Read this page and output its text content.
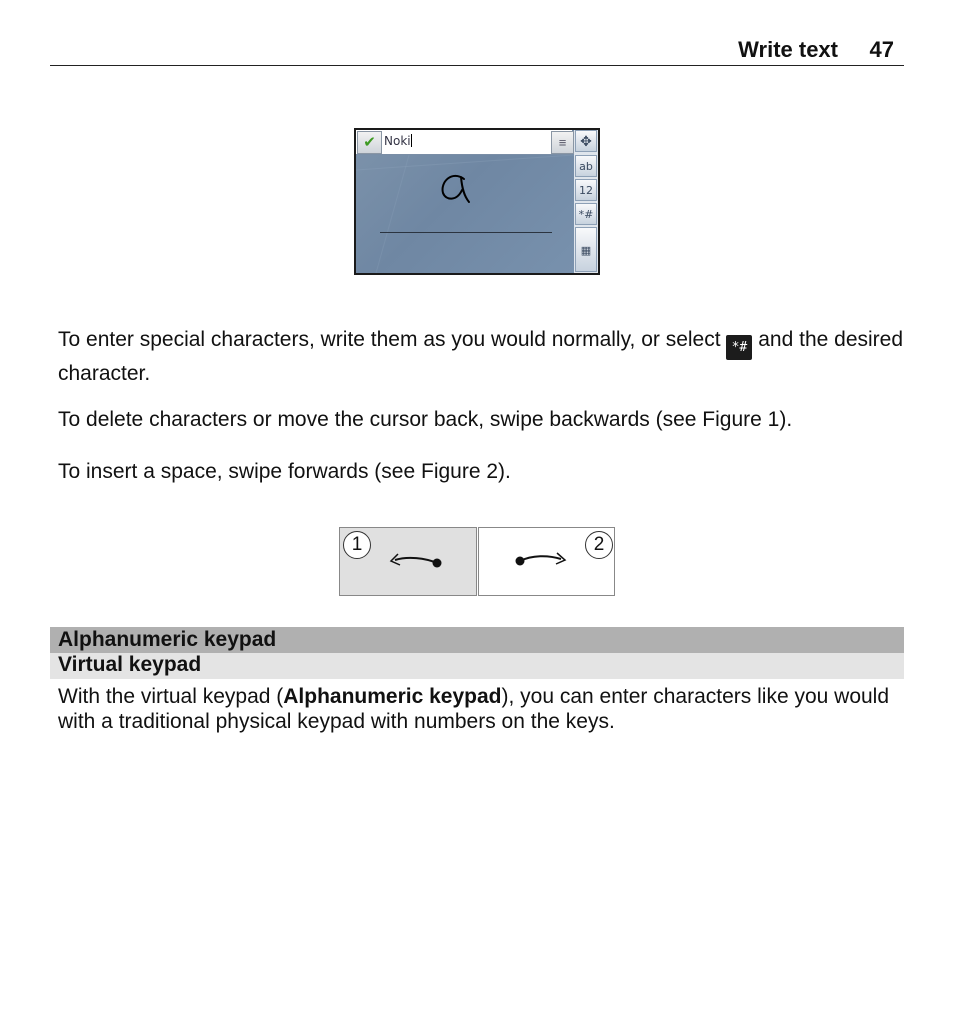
Write text 47
✔ Noki	≡ ✥
ab
12
*#
▦
To enter special characters, write them as you would normally, or select *# and the desired character.
To delete characters or move the cursor back, swipe backwards (see Figure 1).
To insert a space, swipe forwards (see Figure 2).
1	2
Alphanumeric keypad
Virtual keypad
With the virtual keypad (Alphanumeric keypad), you can enter characters like you would with a traditional physical keypad with numbers on the keys.
